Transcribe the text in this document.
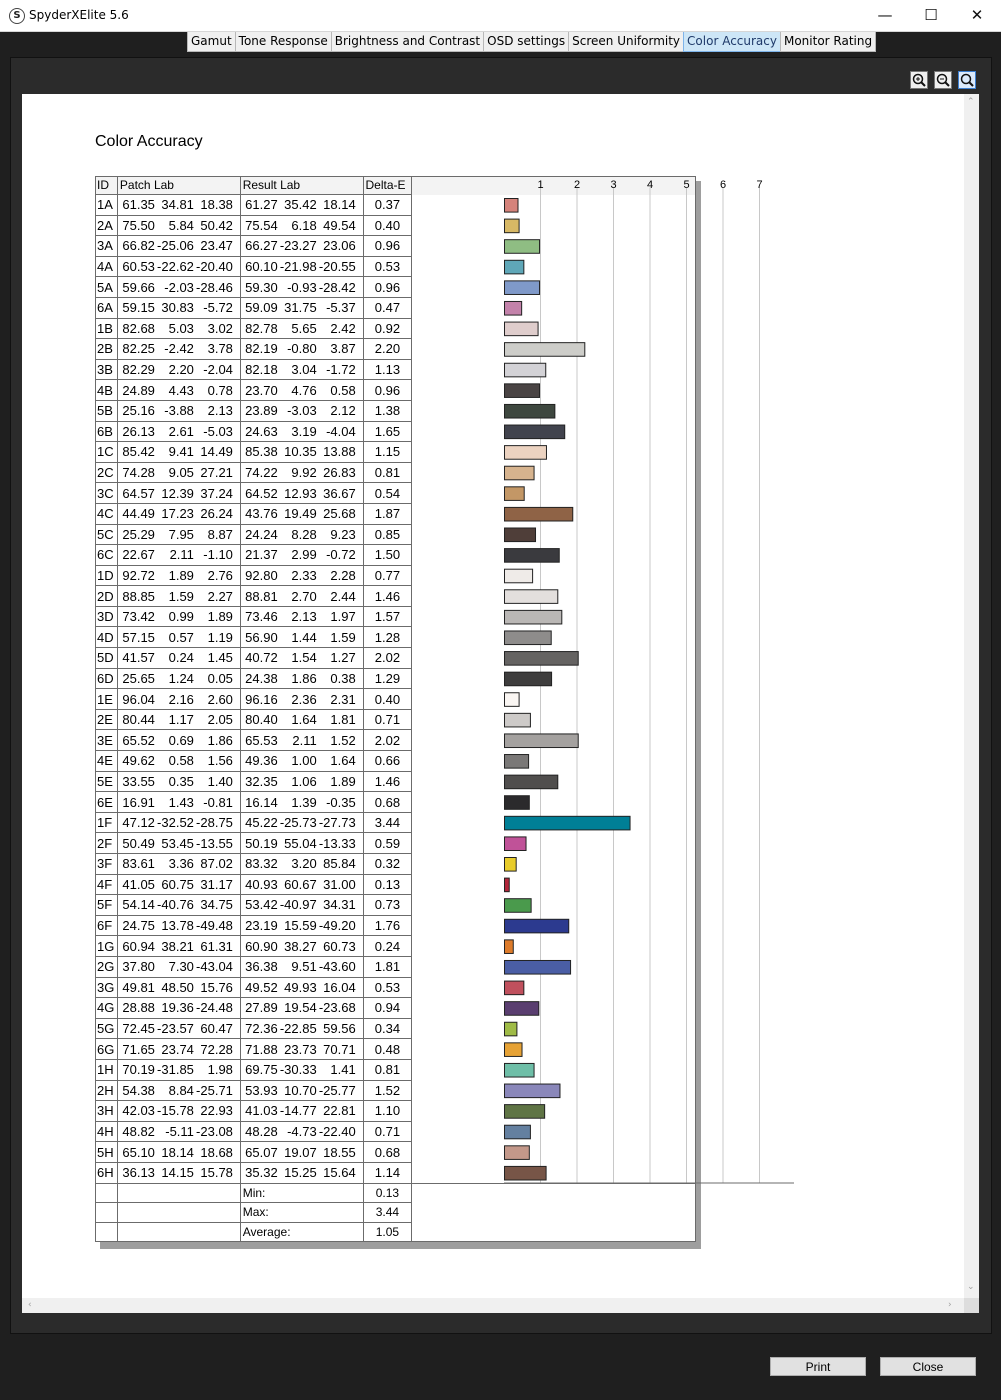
S SpyderXElite 5.6	—	☐	✕
Gamut Tone Response Brightness and Contrast OSD settings Screen Uniformity Color Accuracy Monitor Rating
⌃
⌄
‹	›
Color Accuracy
ID	Patch Lab	Result Lab	Delta-E	
1A	61.35 34.81 18.38	61.27 35.42 18.14	0.37	
2A	75.50 5.84 50.42	75.54 6.18 49.54	0.40	
3A	66.82 -25.06 23.47	66.27 -23.27 23.06	0.96	
4A	60.53 -22.62 -20.40	60.10 -21.98 -20.55	0.53	
5A	59.66 -2.03 -28.46	59.30 -0.93 -28.42	0.96	
6A	59.15 30.83 -5.72	59.09 31.75 -5.37	0.47	
1B	82.68 5.03 3.02	82.78 5.65 2.42	0.92	
2B	82.25 -2.42 3.78	82.19 -0.80 3.87	2.20	
3B	82.29 2.20 -2.04	82.18 3.04 -1.72	1.13	
4B	24.89 4.43 0.78	23.70 4.76 0.58	0.96	
5B	25.16 -3.88 2.13	23.89 -3.03 2.12	1.38	
6B	26.13 2.61 -5.03	24.63 3.19 -4.04	1.65	
1C	85.42 9.41 14.49	85.38 10.35 13.88	1.15	
2C	74.28 9.05 27.21	74.22 9.92 26.83	0.81	
3C	64.57 12.39 37.24	64.52 12.93 36.67	0.54	
4C	44.49 17.23 26.24	43.76 19.49 25.68	1.87	
5C	25.29 7.95 8.87	24.24 8.28 9.23	0.85	
6C	22.67 2.11 -1.10	21.37 2.99 -0.72	1.50	
1D	92.72 1.89 2.76	92.80 2.33 2.28	0.77	
2D	88.85 1.59 2.27	88.81 2.70 2.44	1.46	
3D	73.42 0.99 1.89	73.46 2.13 1.97	1.57	
4D	57.15 0.57 1.19	56.90 1.44 1.59	1.28	
5D	41.57 0.24 1.45	40.72 1.54 1.27	2.02	
6D	25.65 1.24 0.05	24.38 1.86 0.38	1.29	
1E	96.04 2.16 2.60	96.16 2.36 2.31	0.40	
2E	80.44 1.17 2.05	80.40 1.64 1.81	0.71	
3E	65.52 0.69 1.86	65.53 2.11 1.52	2.02	
4E	49.62 0.58 1.56	49.36 1.00 1.64	0.66	
5E	33.55 0.35 1.40	32.35 1.06 1.89	1.46	
6E	16.91 1.43 -0.81	16.14 1.39 -0.35	0.68	
1F	47.12 -32.52 -28.75	45.22 -25.73 -27.73	3.44	
2F	50.49 53.45 -13.55	50.19 55.04 -13.33	0.59	
3F	83.61 3.36 87.02	83.32 3.20 85.84	0.32	
4F	41.05 60.75 31.17	40.93 60.67 31.00	0.13	
5F	54.14 -40.76 34.75	53.42 -40.97 34.31	0.73	
6F	24.75 13.78 -49.48	23.19 15.59 -49.20	1.76	
1G	60.94 38.21 61.31	60.90 38.27 60.73	0.24	
2G	37.80 7.30 -43.04	36.38 9.51 -43.60	1.81	
3G	49.81 48.50 15.76	49.52 49.93 16.04	0.53	
4G	28.88 19.36 -24.48	27.89 19.54 -23.68	0.94	
5G	72.45 -23.57 60.47	72.36 -22.85 59.56	0.34	
6G	71.65 23.74 72.28	71.88 23.73 70.71	0.48	
1H	70.19 -31.85 1.98	69.75 -30.33 1.41	0.81	
2H	54.38 8.84 -25.71	53.93 10.70 -25.77	1.52	
3H	42.03 -15.78 22.93	41.03 -14.77 22.81	1.10	
4H	48.82 -5.11 -23.08	48.28 -4.73 -22.40	0.71	
5H	65.10 18.14 18.68	65.07 19.07 18.55	0.68	
6H	36.13 14.15 15.78	35.32 15.25 15.64	1.14	
		Min:	0.13	
		Max:	3.44	
		Average:	1.05	
1	2	3	4	5	6	7
Print	Close
